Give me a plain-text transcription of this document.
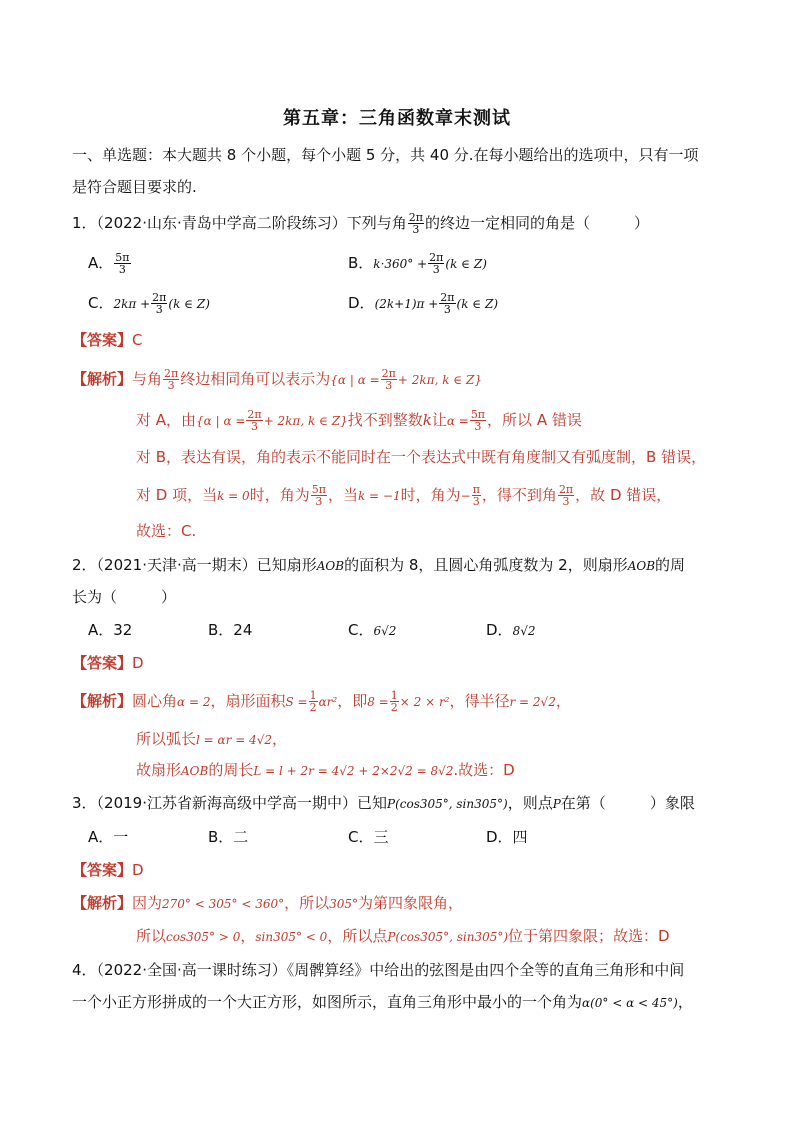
第五章：三角函数章末测试
一、单选题：本大题共 8 个小题，每个小题 5 分，共 40 分.在每小题给出的选项中，只有一项
是符合题目要求的.
1．（2022·山东·青岛中学高二阶段练习）下列与角 $\frac{2\pi}{3}$ 的终边一定相同的角是（	）
A． $\frac{5\pi}{3}$	B．$k\cdot 360^\circ + \frac{2\pi}{3} (k$ ∈ Z)
C．$2k\pi + \frac{2\pi}{3} (k$ ∈ Z)	D．$(2k+1)\pi + \frac{2\pi}{3} (k$ ∈ Z)
【答案】C
【解析】与角 $\frac{2\pi}{3}$ 终边相同角可以表示为{α | $\alpha = \frac{2\pi}{3} + 2k\pi$, k ∈ Z}
对 A，由{α | $\alpha = \frac{2\pi}{3} + 2k\pi$, k ∈ Z}找不到整数k让$\alpha = \frac{5\pi}{3}$ ，所以 A 错误
对 B，表达有误，角的表示不能同时在一个表达式中既有角度制又有弧度制，B 错误，
对 D 项，当k = 0时，角为 $\frac{5\pi}{3}$ ，当k = −1时，角为− $\frac{\pi}{3}$ ，得不到角 $\frac{2\pi}{3}$ ，故 D 错误，
故选：C.
2．（2021·天津·高一期末）已知扇形AOB的面积为 8，且圆心角弧度数为 2，则扇形AOB的周
长为（	）
A．32	B．24	C．6√2	D．8√2
【答案】D
【解析】圆心角α = 2，扇形面积$S = \frac{1}{2} \alpha r^2$，即$8 = \frac{1}{2} \times 2 \times r^2$，得半径r = 2√2，
所以弧长l = αr = 4√2，
故扇形AOB的周长L = l + 2r = 4√2 + 2×2√2 = 8√2.故选：D
3．（2019·江苏省新海高级中学高一期中）已知P(cos305°, sin305°)，则点P在第（	）象限
A．一	B．二	C．三	D．四
【答案】D
【解析】因为270° < 305° < 360°，所以305°为第四象限角，
所以cos305° > 0，sin305° < 0，所以点P(cos305°, sin305°)位于第四象限；故选：D
4．（2022·全国·高一课时练习）《周髀算经》中给出的弦图是由四个全等的直角三角形和中间
一个小正方形拼成的一个大正方形，如图所示，直角三角形中最小的一个角为α(0° < α < 45°)，
